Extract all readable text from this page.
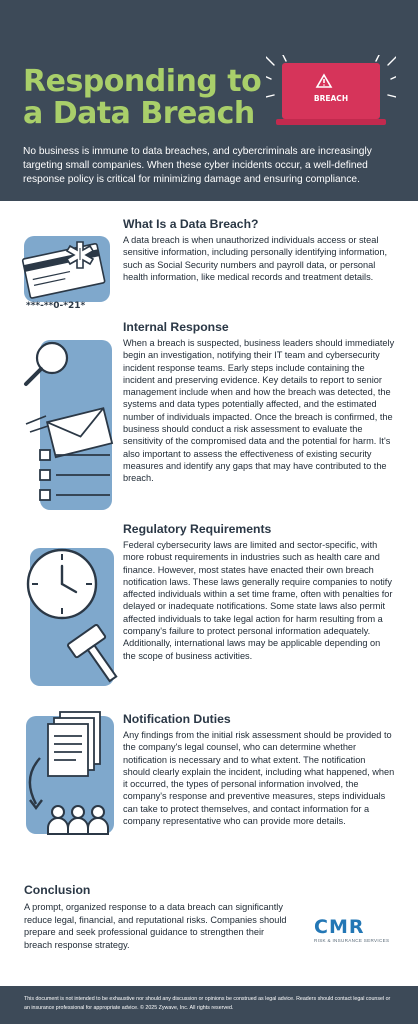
Responding to
a Data Breach	BREACH
No business is immune to data breaches, and cybercriminals are increasingly targeting small companies. When these cyber incidents occur, a well-defined response policy is critical for minimizing damage and ensuring compliance.
***-**0-*21*
What Is a Data Breach?
A data breach is when unauthorized individuals access or steal sensitive information, including personally identifying information, such as Social Security numbers and payroll data, or personal health information, like medical records and treatment details.
Internal Response
When a breach is suspected, business leaders should immediately begin an investigation, notifying their IT team and cybersecurity incident response teams. Early steps include containing the incident and preserving evidence. Key details to report to senior management include when and how the breach was detected, the systems and data types potentially affected, and the estimated number of individuals impacted. Once the breach is confirmed, the business should conduct a risk assessment to evaluate the sensitivity of the compromised data and the potential for harm. It's also important to assess the effectiveness of existing security measures and identify any gaps that may have contributed to the breach.
Regulatory Requirements
Federal cybersecurity laws are limited and sector-specific, with more robust requirements in industries such as health care and finance. However, most states have enacted their own breach notification laws. These laws generally require companies to notify affected individuals within a set time frame, often with penalties for delayed or inadequate notifications. Some state laws also permit affected individuals to take legal action for harm resulting from a company's failure to protect personal information adequately. Additionally, international laws may be applicable depending on the scope of business activities.
Notification Duties
Any findings from the initial risk assessment should be provided to the company's legal counsel, who can determine whether notification is necessary and to what extent. The notification should clearly explain the incident, including what happened, when it occurred, the types of personal information involved, the company's response and preventive measures, steps individuals can take to protect themselves, and contact information for a company representative who can provide more details.
Conclusion
A prompt, organized response to a data breach can significantly reduce legal, financial, and reputational risks. Companies should prepare and seek professional guidance to strengthen their breach response strategy.
CMR
RISK & INSURANCE SERVICES
This document is not intended to be exhaustive nor should any discussion or opinions be construed as legal advice. Readers should contact legal counsel or an insurance professional for appropriate advice. © 2025 Zywave, Inc. All rights reserved.
